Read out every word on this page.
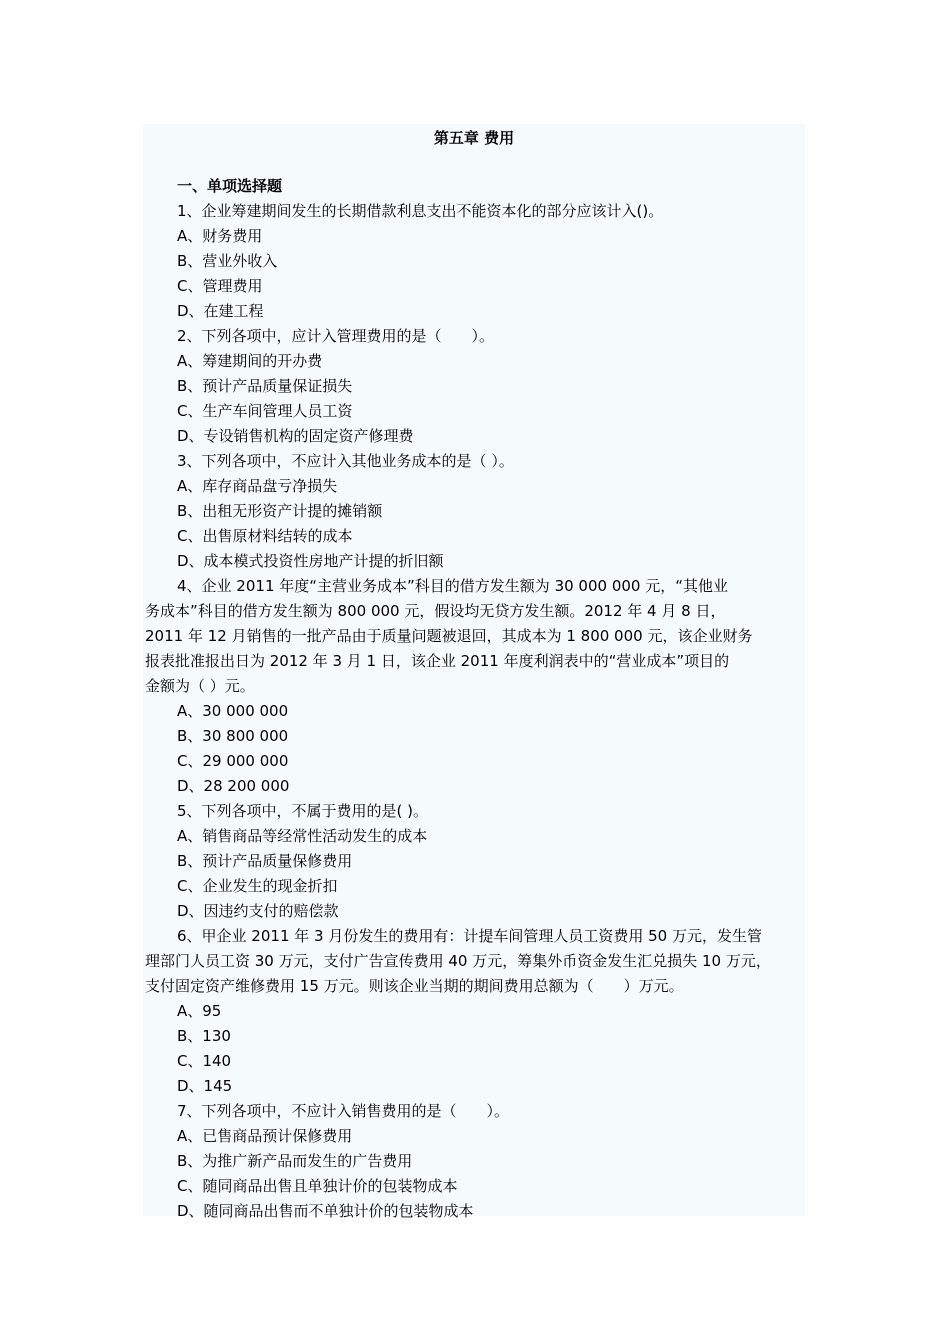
第五章 费用
一、单项选择题
1、企业筹建期间发生的长期借款利息支出不能资本化的部分应该计入()。
A、财务费用
B、营业外收入
C、管理费用
D、在建工程
2、下列各项中，应计入管理费用的是（　　）。
A、筹建期间的开办费
B、预计产品质量保证损失
C、生产车间管理人员工资
D、专设销售机构的固定资产修理费
3、下列各项中，不应计入其他业务成本的是（ ）。
A、库存商品盘亏净损失
B、出租无形资产计提的摊销额
C、出售原材料结转的成本
D、成本模式投资性房地产计提的折旧额
4、企业 2011 年度“主营业务成本”科目的借方发生额为 30 000 000 元，“其他业
务成本”科目的借方发生额为 800 000 元，假设均无贷方发生额。2012 年 4 月 8 日，
2011 年 12 月销售的一批产品由于质量问题被退回，其成本为 1 800 000 元，该企业财务
报表批准报出日为 2012 年 3 月 1 日，该企业 2011 年度利润表中的“营业成本”项目的
金额为（ ）元。
A、30 000 000
B、30 800 000
C、29 000 000
D、28 200 000
5、下列各项中，不属于费用的是( )。
A、销售商品等经常性活动发生的成本
B、预计产品质量保修费用
C、企业发生的现金折扣
D、因违约支付的赔偿款
6、甲企业 2011 年 3 月份发生的费用有：计提车间管理人员工资费用 50 万元，发生管
理部门人员工资 30 万元，支付广告宣传费用 40 万元，筹集外币资金发生汇兑损失 10 万元，
支付固定资产维修费用 15 万元。则该企业当期的期间费用总额为（　　）万元。
A、95
B、130
C、140
D、145
7、下列各项中，不应计入销售费用的是（　　）。
A、已售商品预计保修费用
B、为推广新产品而发生的广告费用
C、随同商品出售且单独计价的包装物成本
D、随同商品出售而不单独计价的包装物成本
